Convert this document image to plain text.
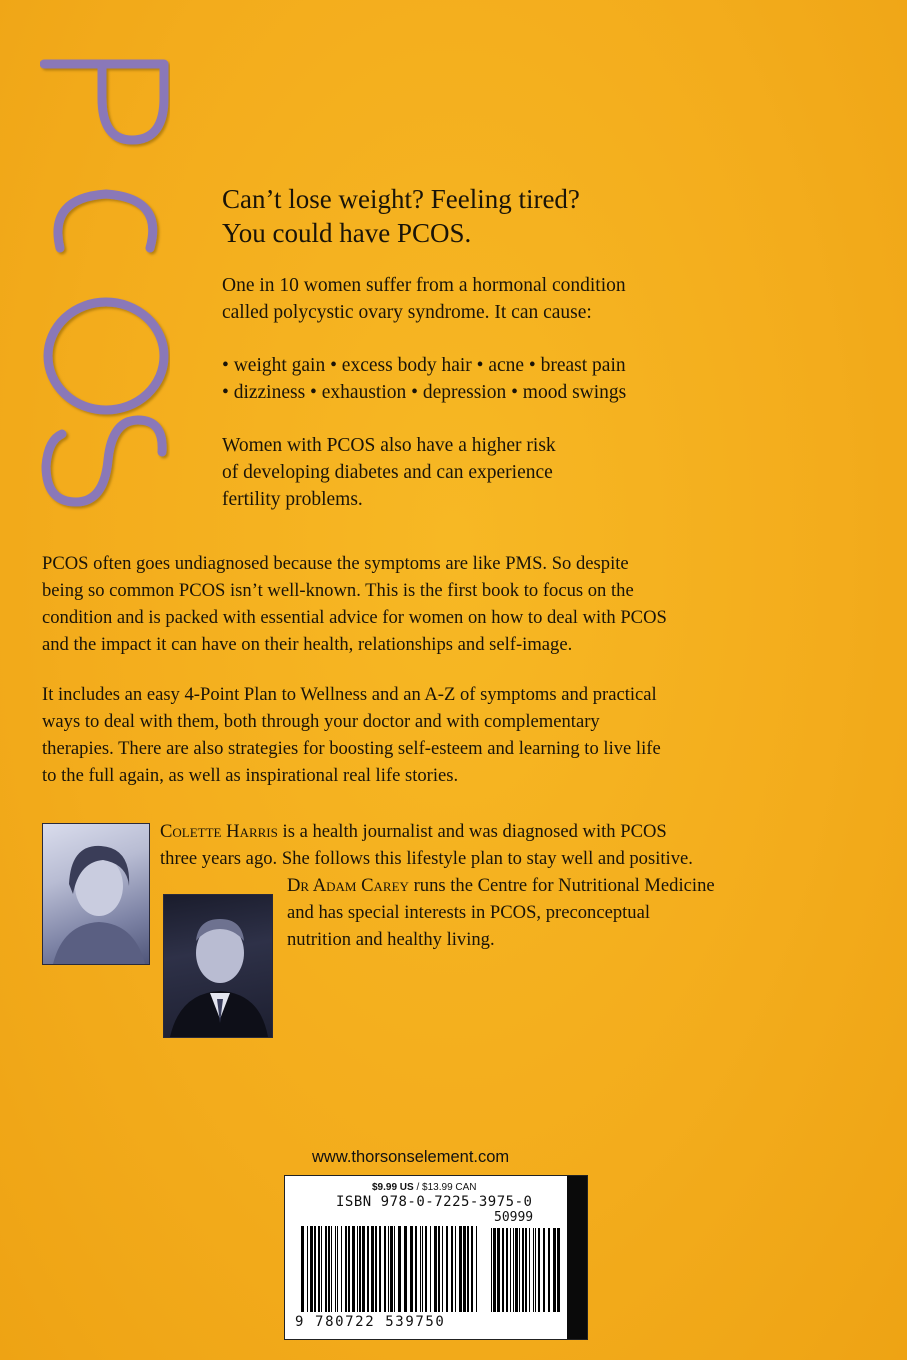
Can’t lose weight? Feeling tired?
You could have PCOS.
One in 10 women suffer from a hormonal condition
called polycystic ovary syndrome. It can cause:
• weight gain • excess body hair • acne • breast pain
• dizziness • exhaustion • depression • mood swings
Women with PCOS also have a higher risk
of developing diabetes and can experience
fertility problems.
PCOS often goes undiagnosed because the symptoms are like PMS. So despite
being so common PCOS isn’t well-known. This is the first book to focus on the
condition and is packed with essential advice for women on how to deal with PCOS
and the impact it can have on their health, relationships and self-image.
It includes an easy 4-Point Plan to Wellness and an A-Z of symptoms and practical
ways to deal with them, both through your doctor and with complementary
therapies. There are also strategies for boosting self-esteem and learning to live life
to the full again, as well as inspirational real life stories.
Colette Harris is a health journalist and was diagnosed with PCOS
three years ago. She follows this lifestyle plan to stay well and positive.
Dr Adam Carey runs the Centre for Nutritional Medicine
and has special interests in PCOS, preconceptual
nutrition and healthy living.
www.thorsonselement.com
$9.99 US / $13.99 CAN
ISBN 978-0-7225-3975-0
50999
9 780722 539750
